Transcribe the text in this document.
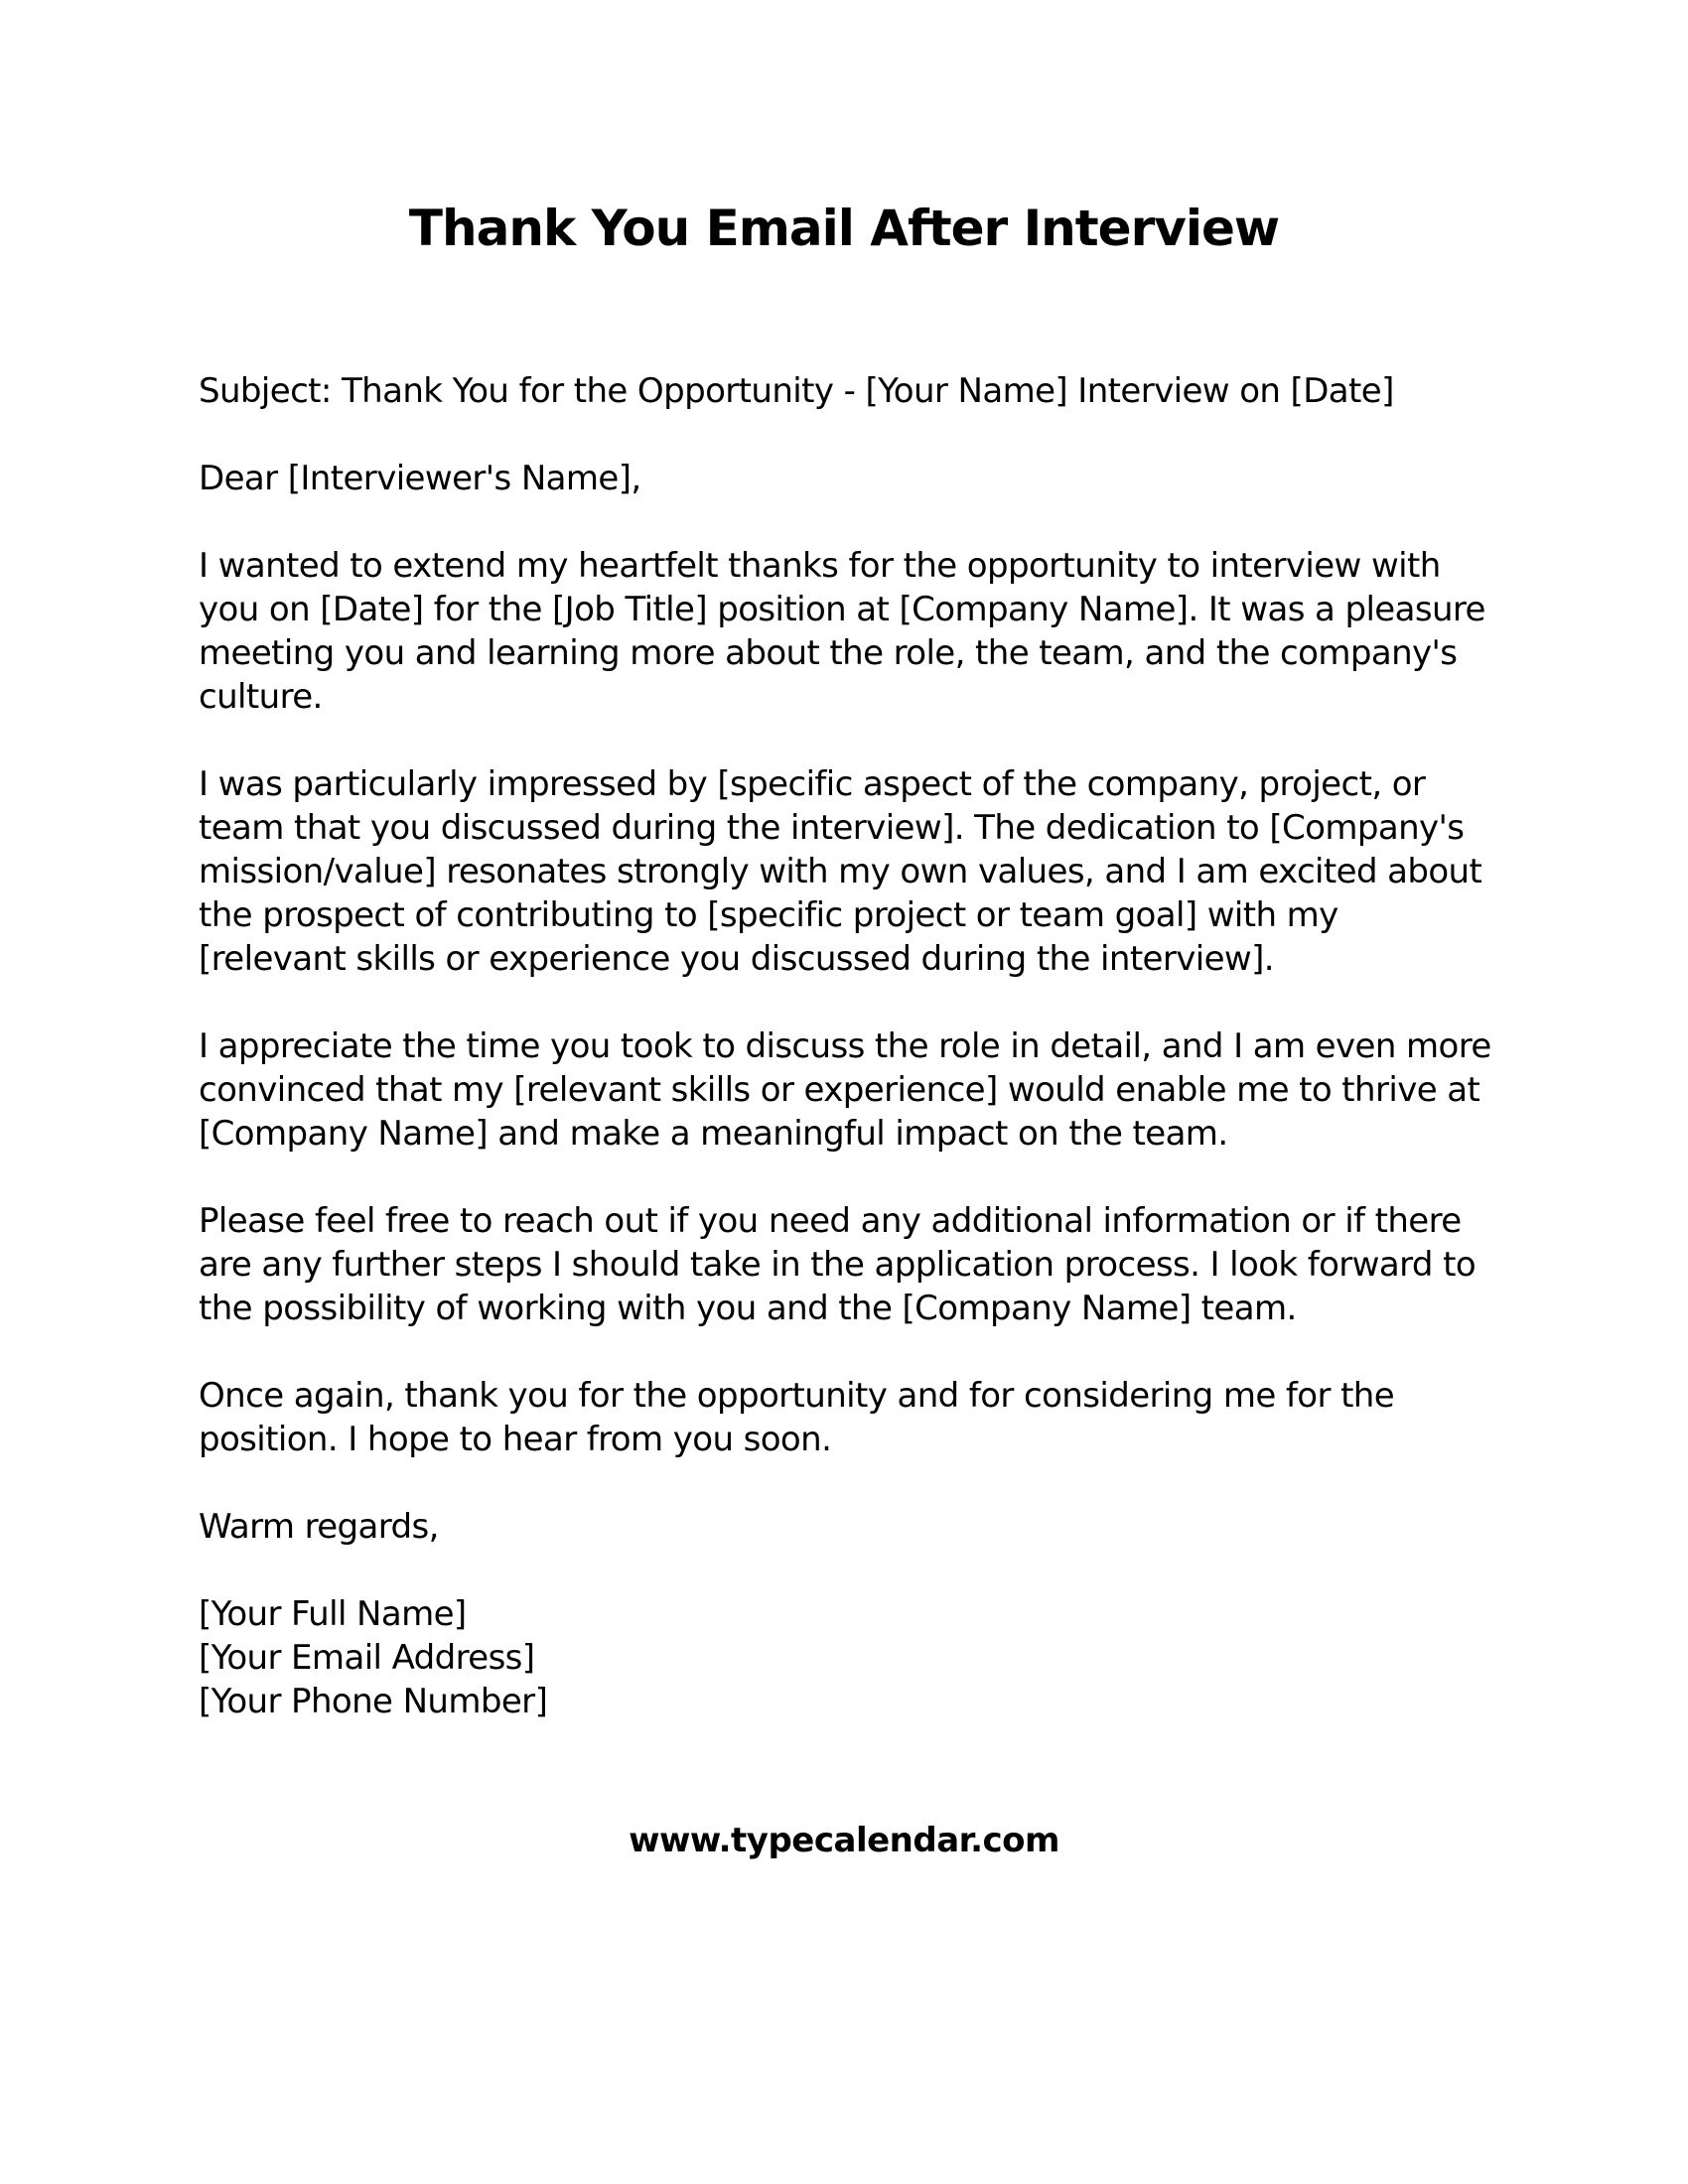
Thank You Email After Interview

Subject: Thank You for the Opportunity - [Your Name] Interview on [Date]

Dear [Interviewer's Name],

I wanted to extend my heartfelt thanks for the opportunity to interview with
you on [Date] for the [Job Title] position at [Company Name]. It was a pleasure
meeting you and learning more about the role, the team, and the company's
culture.

I was particularly impressed by [specific aspect of the company, project, or
team that you discussed during the interview]. The dedication to [Company's
mission/value] resonates strongly with my own values, and I am excited about
the prospect of contributing to [specific project or team goal] with my
[relevant skills or experience you discussed during the interview].

I appreciate the time you took to discuss the role in detail, and I am even more
convinced that my [relevant skills or experience] would enable me to thrive at
[Company Name] and make a meaningful impact on the team.

Please feel free to reach out if you need any additional information or if there
are any further steps I should take in the application process. I look forward to
the possibility of working with you and the [Company Name] team.

Once again, thank you for the opportunity and for considering me for the
position. I hope to hear from you soon.

Warm regards,

[Your Full Name]
[Your Email Address]
[Your Phone Number]

www.typecalendar.com
